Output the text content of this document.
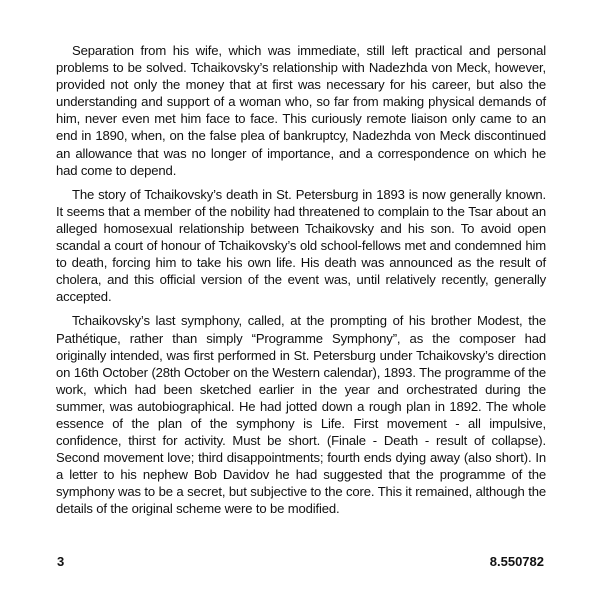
Separation from his wife, which was immediate, still left practical and personal problems to be solved. Tchaikovsky’s relationship with Nadezhda von Meck, however, provided not only the money that at first was necessary for his career, but also the understanding and support of a woman who, so far from making physical demands of him, never even met him face to face. This curiously remote liaison only came to an end in 1890, when, on the false plea of bankruptcy, Nadezhda von Meck discontinued an allowance that was no longer of importance, and a correspondence on which he had come to depend.

The story of Tchaikovsky’s death in St. Petersburg in 1893 is now generally known. It seems that a member of the nobility had threatened to complain to the Tsar about an alleged homosexual relationship between Tchaikovsky and his son. To avoid open scandal a court of honour of Tchaikovsky’s old school-fellows met and condemned him to death, forcing him to take his own life. His death was announced as the result of cholera, and this official version of the event was, until relatively recently, generally accepted.

Tchaikovsky’s last symphony, called, at the prompting of his brother Modest, the Pathétique, rather than simply “Programme Symphony”, as the composer had originally intended, was first performed in St. Petersburg under Tchaikovsky’s direction on 16th October (28th October on the Western calendar), 1893. The programme of the work, which had been sketched earlier in the year and orchestrated during the summer, was autobiographical. He had jotted down a rough plan in 1892. The whole essence of the plan of the symphony is Life. First movement - all impulsive, confidence, thirst for activity. Must be short. (Finale - Death - result of collapse). Second movement love; third disappointments; fourth ends dying away (also short). In a letter to his nephew Bob Davidov he had suggested that the programme of the symphony was to be a secret, but subjective to the core. This it remained, although the details of the original scheme were to be modified.

3	8.550782
